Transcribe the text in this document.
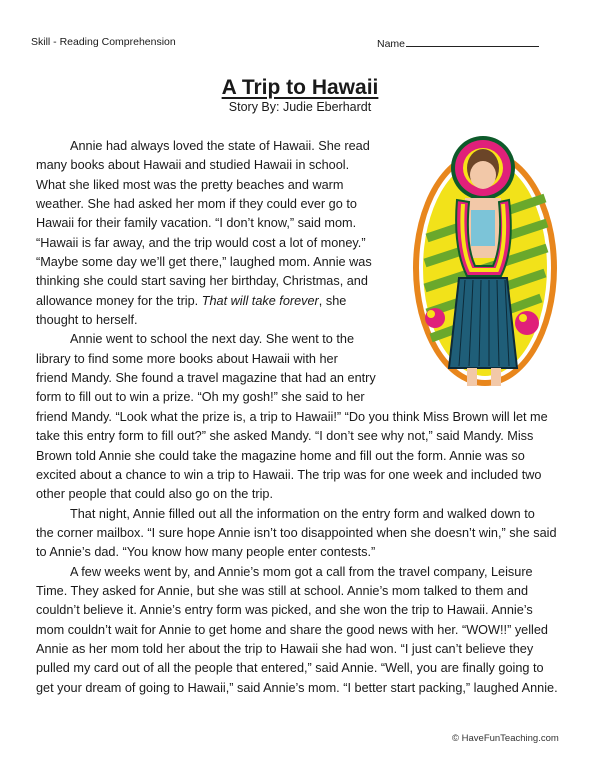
Skill - Reading Comprehension	Name
A Trip to Hawaii
Story By: Judie Eberhardt
Annie had always loved the state of Hawaii. She read
many books about Hawaii and studied Hawaii in school.
What she liked most was the pretty beaches and warm
weather. She had asked her mom if they could ever go to
Hawaii for their family vacation. “I don’t know,” said mom.
“Hawaii is far away, and the trip would cost a lot of money.”
“Maybe some day we’ll get there,” laughed mom. Annie was
thinking she could start saving her birthday, Christmas, and
allowance money for the trip. That will take forever, she
thought to herself.
Annie went to school the next day. She went to the
library to find some more books about Hawaii with her
friend Mandy. She found a travel magazine that had an entry
form to fill out to win a prize. “Oh my gosh!” she said to her
friend Mandy. “Look what the prize is, a trip to Hawaii!” “Do you think Miss Brown will let me
take this entry form to fill out?” she asked Mandy. “I don’t see why not,” said Mandy. Miss
Brown told Annie she could take the magazine home and fill out the form. Annie was so
excited about a chance to win a trip to Hawaii. The trip was for one week and included two
other people that could also go on the trip.
That night, Annie filled out all the information on the entry form and walked down to
the corner mailbox. “I sure hope Annie isn’t too disappointed when she doesn’t win,” she said
to Annie’s dad. “You know how many people enter contests.”
A few weeks went by, and Annie’s mom got a call from the travel company, Leisure
Time. They asked for Annie, but she was still at school. Annie’s mom talked to them and
couldn’t believe it. Annie’s entry form was picked, and she won the trip to Hawaii. Annie’s
mom couldn’t wait for Annie to get home and share the good news with her. “WOW!!” yelled
Annie as her mom told her about the trip to Hawaii she had won. “I just can’t believe they
pulled my card out of all the people that entered,” said Annie. “Well, you are finally going to
get your dream of going to Hawaii,” said Annie’s mom. “I better start packing,” laughed Annie.
© HaveFunTeaching.com
